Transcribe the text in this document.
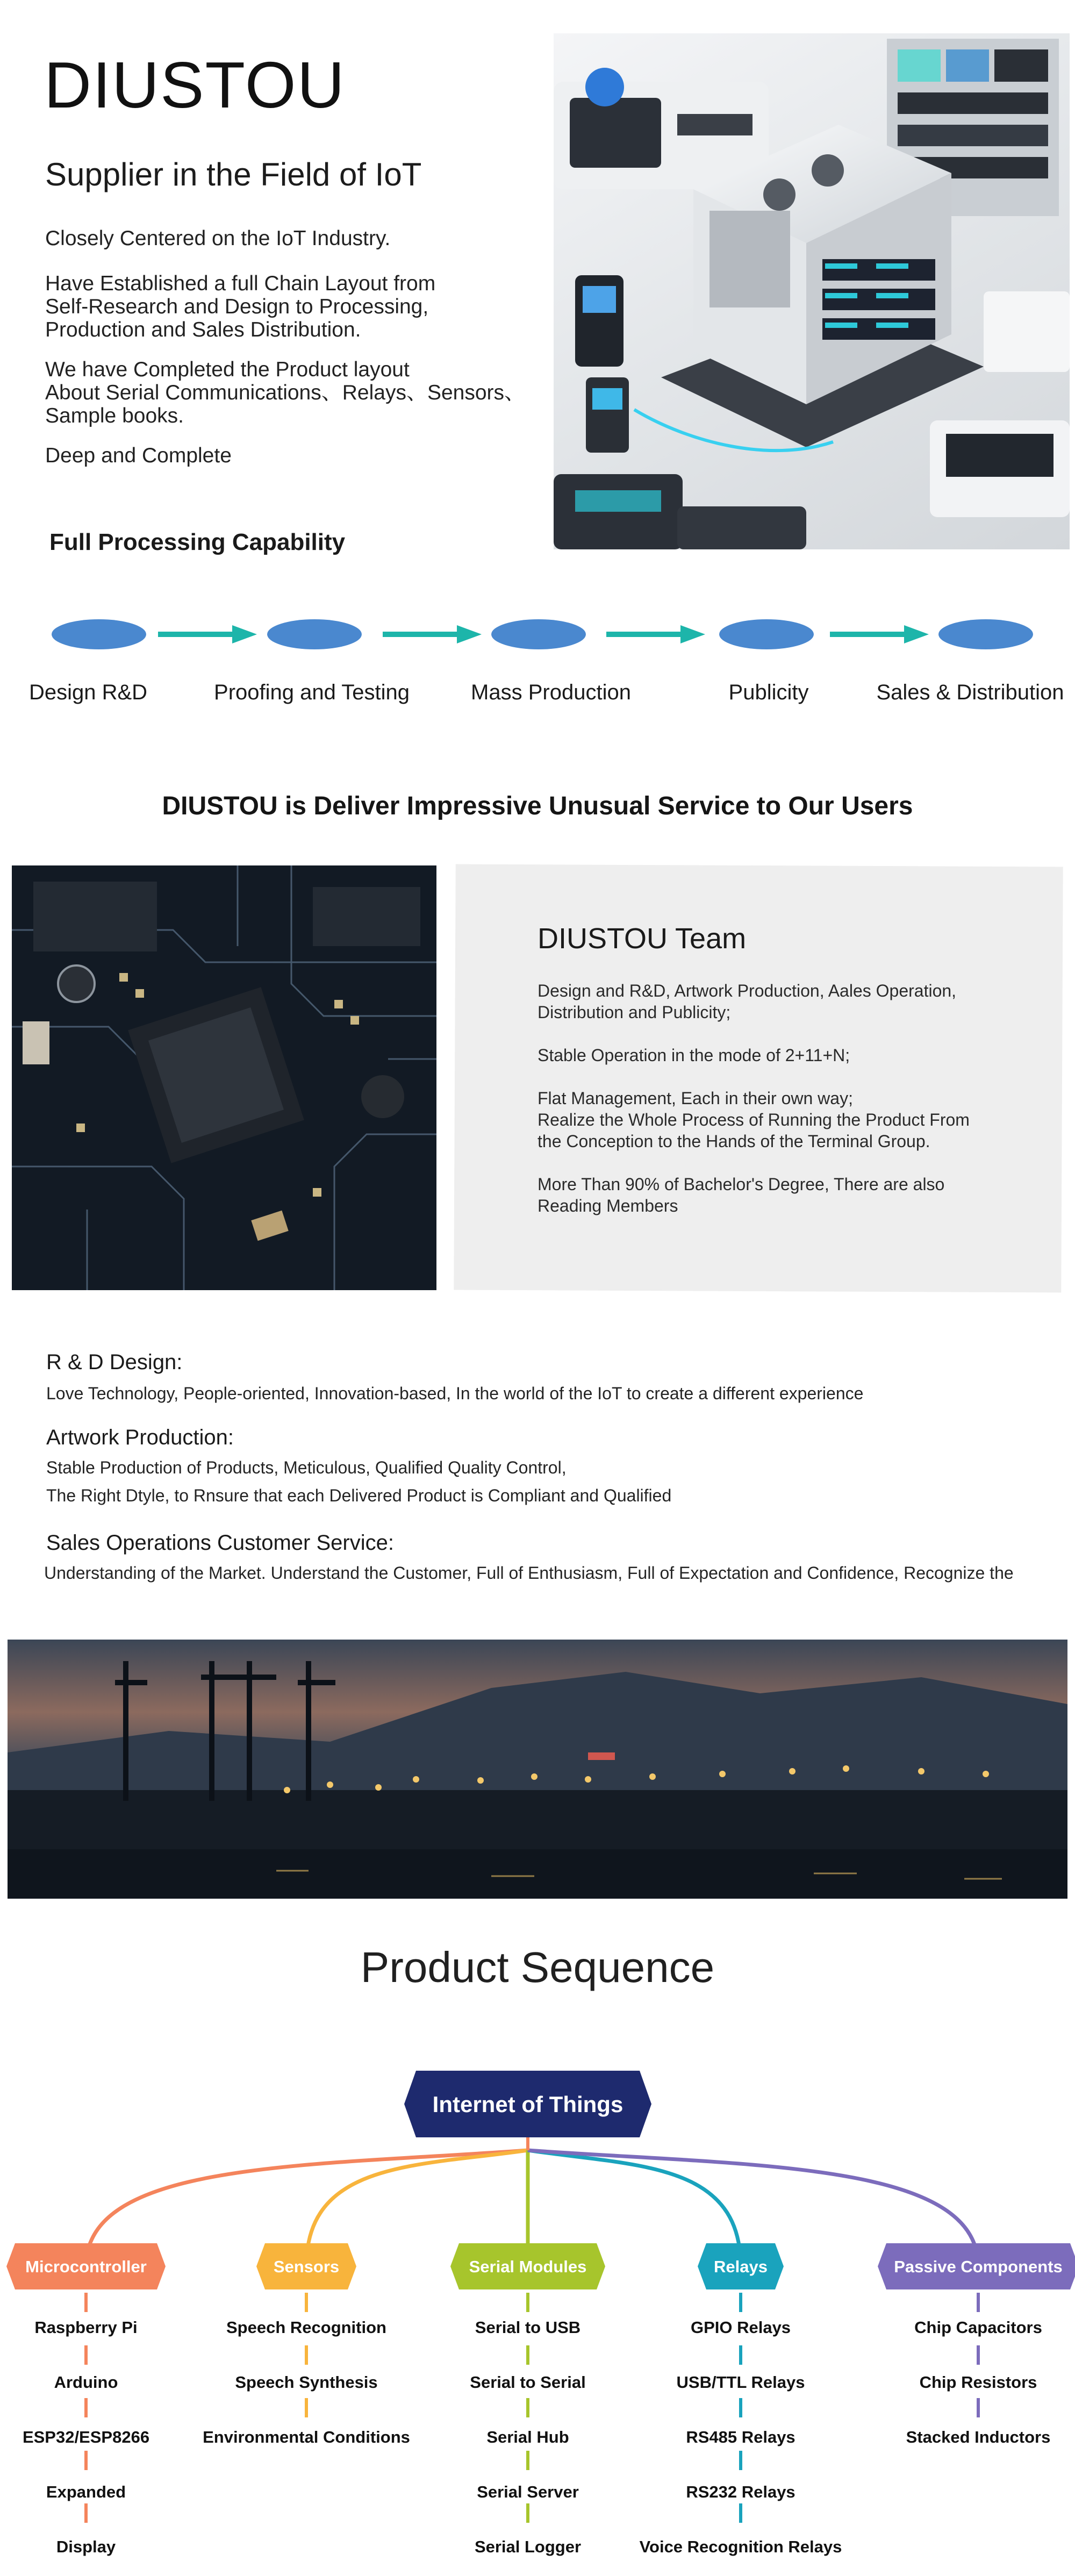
DIUSTOU
Supplier in the Field of IoT
Closely Centered on the IoT Industry.
Have Established a full Chain Layout from
Self-Research and Design to Processing,
Production and Sales Distribution.
We have Completed the Product layout
About Serial Communications、Relays、Sensors、
Sample books.
Deep and Complete
Full Processing Capability
Design R&D	Proofing and Testing	Mass Production	Publicity	Sales & Distribution
DIUSTOU is Deliver Impressive Unusual Service to Our Users
DIUSTOU Team
Design and R&D, Artwork Production, Aales Operation,
Distribution and Publicity;
Stable Operation in the mode of 2+11+N;
Flat Management, Each in their own way;
Realize the Whole Process of Running the Product From
the Conception to the Hands of the Terminal Group.
More Than 90% of Bachelor's Degree, There are also
Reading Members
R & D Design:
Love Technology, People-oriented, Innovation-based, In the world of the IoT to create a different experience
Artwork Production:
Stable Production of Products, Meticulous, Qualified Quality Control,
The Right Dtyle, to Rnsure that each Delivered Product is Compliant and Qualified
Sales Operations Customer Service:
Understanding of the Market. Understand the Customer, Full of Enthusiasm, Full of Expectation and Confidence, Recognize the
Product Sequence
Internet of Things
Microcontroller
Raspberry Pi
Arduino
ESP32/ESP8266
Expanded
Display
Sensors
Speech Recognition
Speech Synthesis
Environmental Conditions
Serial Modules
Serial to USB
Serial to Serial
Serial Hub
Serial Server
Serial Logger
Relays
GPIO Relays
USB/TTL Relays
RS485 Relays
RS232 Relays
Voice Recognition Relays
Passive Components
Chip Capacitors
Chip Resistors
Stacked Inductors
